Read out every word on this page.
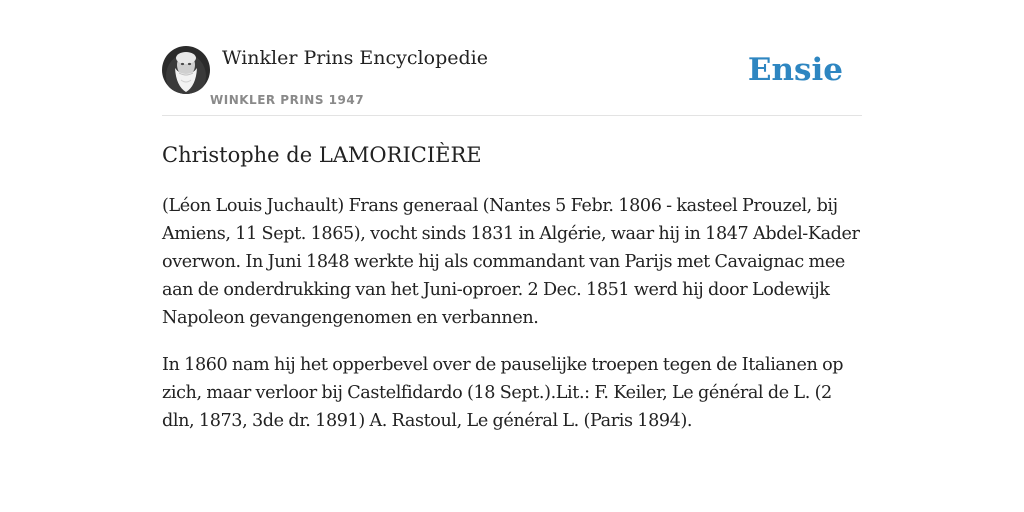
Winkler Prins Encyclopedie
WINKLER PRINS 1947
Ensie
Christophe de LAMORICIÈRE

(Léon Louis Juchault) Frans generaal (Nantes 5 Febr. 1806 - kasteel Prouzel, bij Amiens, 11 Sept. 1865), vocht sinds 1831 in Algérie, waar hij in 1847 Abdel-Kader overwon. In Juni 1848 werkte hij als commandant van Parijs met Cavaignac mee aan de onderdrukking van het Juni-oproer. 2 Dec. 1851 werd hij door Lodewijk Napoleon gevangengenomen en verbannen.

In 1860 nam hij het opperbevel over de pauselijke troepen tegen de Italianen op zich, maar verloor bij Castelfidardo (18 Sept.).Lit.: F. Keiler, Le général de L. (2 dln, 1873, 3de dr. 1891) A. Rastoul, Le général L. (Paris 1894).
